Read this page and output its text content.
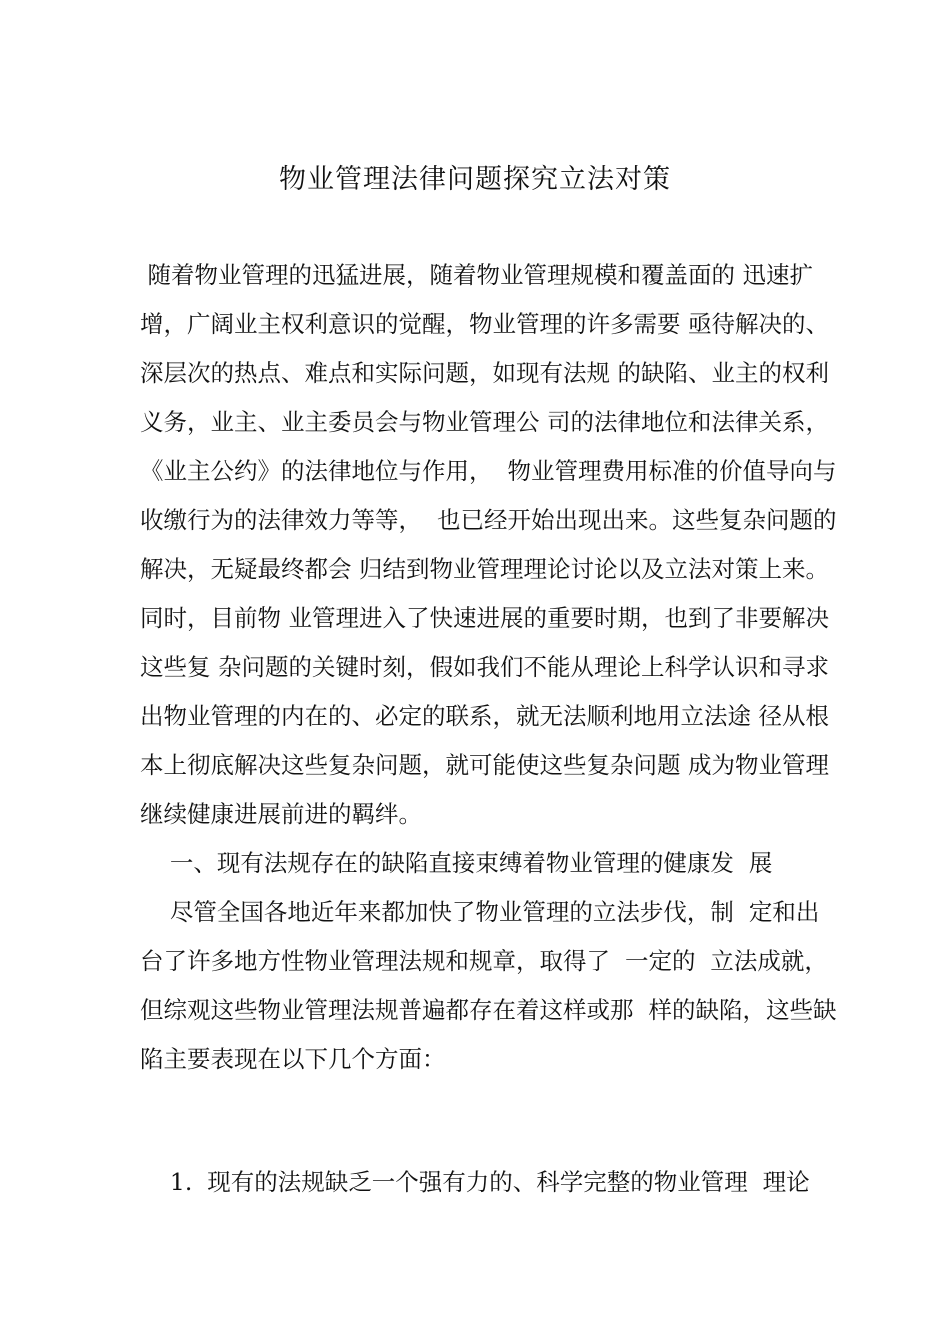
物业管理法律问题探究立法对策

随着物业管理的迅猛进展，随着物业管理规模和覆盖面的 迅速扩

增，广阔业主权利意识的觉醒，物业管理的许多需要 亟待解决的、

深层次的热点、难点和实际问题，如现有法规 的缺陷、业主的权利

义务，业主、业主委员会与物业管理公 司的法律地位和法律关系，

《业主公约》的法律地位与作用，  物业管理费用标准的价值导向与

收缴行为的法律效力等等，  也已经开始出现出来。这些复杂问题的

解决，无疑最终都会 归结到物业管理理论讨论以及立法对策上来。

同时，目前物 业管理进入了快速进展的重要时期，也到了非要解决

这些复 杂问题的关键时刻，假如我们不能从理论上科学认识和寻求

出物业管理的内在的、必定的联系，就无法顺利地用立法途 径从根

本上彻底解决这些复杂问题，就可能使这些复杂问题 成为物业管理

继续健康进展前进的羁绊。

一、现有法规存在的缺陷直接束缚着物业管理的健康发  展

尽管全国各地近年来都加快了物业管理的立法步伐，制  定和出

台了许多地方性物业管理法规和规章，取得了  一定的  立法成就，

但综观这些物业管理法规普遍都存在着这样或那  样的缺陷，这些缺

陷主要表现在以下几个方面：

1.  现有的法规缺乏一个强有力的、科学完整的物业管理  理论
